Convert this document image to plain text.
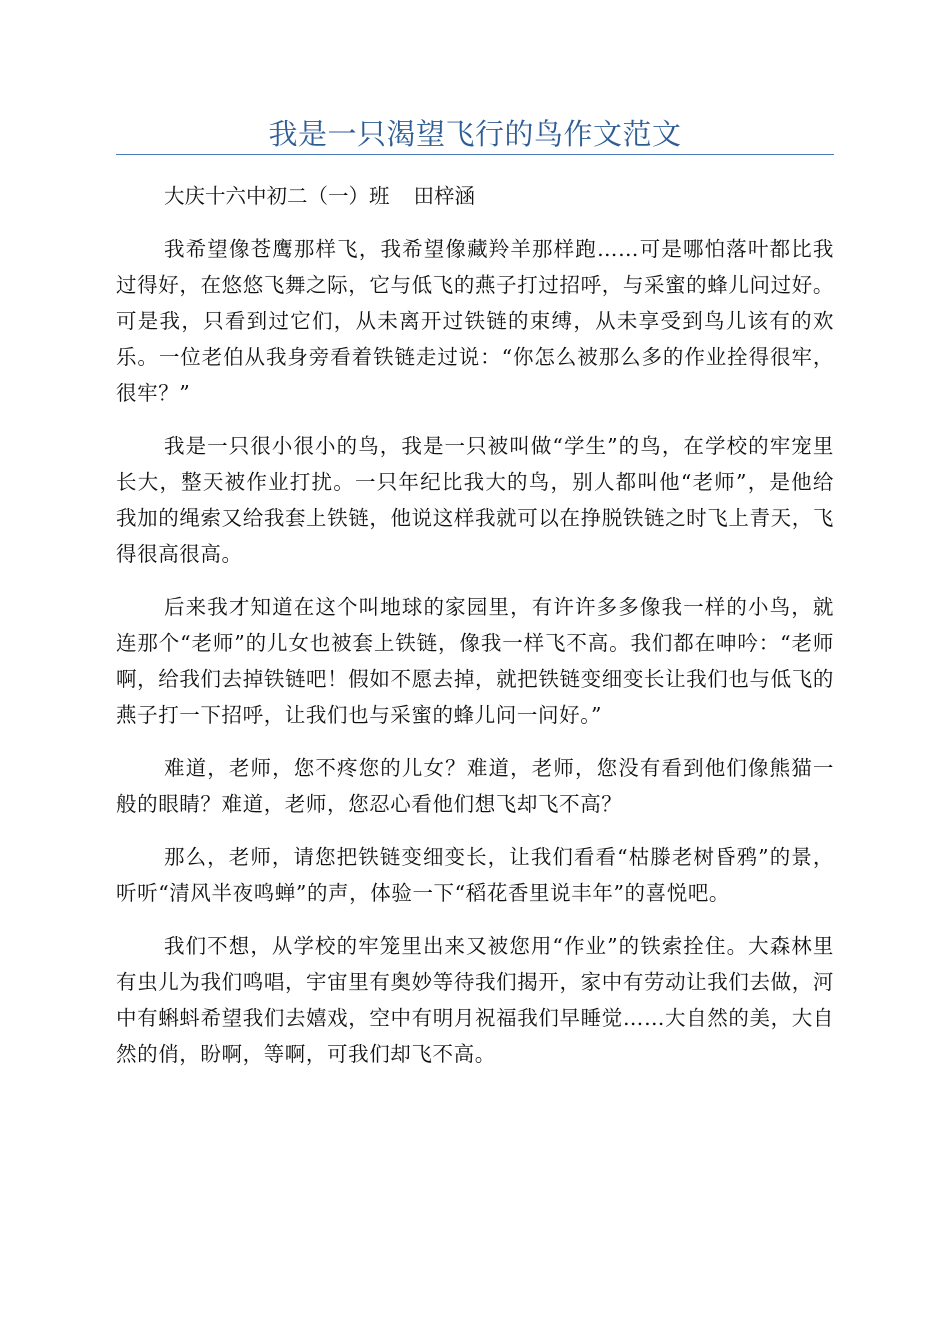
我是一只渴望飞行的鸟作文范文

大庆十六中初二（一）班 田梓涵

我希望像苍鹰那样飞，我希望像藏羚羊那样跑……可是哪怕落叶都比我过得好，在悠悠飞舞之际，它与低飞的燕子打过招呼，与采蜜的蜂儿问过好。可是我，只看到过它们，从未离开过铁链的束缚，从未享受到鸟儿该有的欢乐。一位老伯从我身旁看着铁链走过说：“你怎么被那么多的作业拴得很牢，很牢？”

我是一只很小很小的鸟，我是一只被叫做“学生”的鸟，在学校的牢宠里长大，整天被作业打扰。一只年纪比我大的鸟，别人都叫他“老师”，是他给我加的绳索又给我套上铁链，他说这样我就可以在挣脱铁链之时飞上青天，飞得很高很高。

后来我才知道在这个叫地球的家园里，有许许多多像我一样的小鸟，就连那个“老师”的儿女也被套上铁链，像我一样飞不高。我们都在呻吟：“老师啊，给我们去掉铁链吧！假如不愿去掉，就把铁链变细变长让我们也与低飞的燕子打一下招呼，让我们也与采蜜的蜂儿问一问好。”

难道，老师，您不疼您的儿女？难道，老师，您没有看到他们像熊猫一般的眼睛？难道，老师，您忍心看他们想飞却飞不高？

那么，老师，请您把铁链变细变长，让我们看看“枯滕老树昏鸦”的景，听听“清风半夜鸣蝉”的声，体验一下“稻花香里说丰年”的喜悦吧。

我们不想，从学校的牢笼里出来又被您用“作业”的铁索拴住。大森林里有虫儿为我们鸣唱，宇宙里有奥妙等待我们揭开，家中有劳动让我们去做，河中有蝌蚪希望我们去嬉戏，空中有明月祝福我们早睡觉……大自然的美，大自然的俏，盼啊，等啊，可我们却飞不高。
